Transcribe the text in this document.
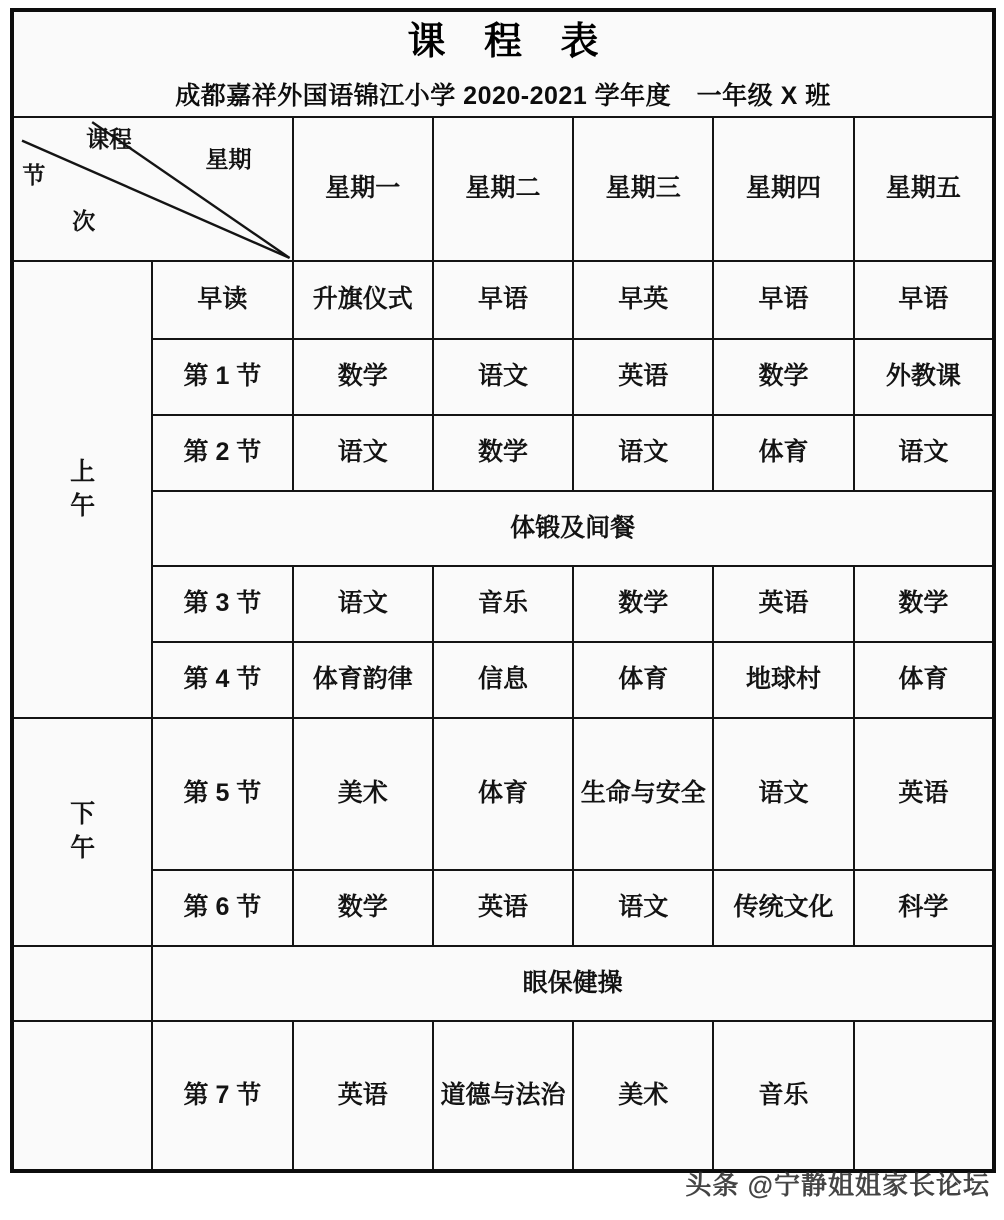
课 程 表
成都嘉祥外国语锦江小学 2020-2021 学年度　一年级 X 班						

课程
星期
节
次		星期一	星期二	星期三	星期四	星期五

上
午	早读	升旗仪式	早语	早英	早语	早语
	第 1 节	数学	语文	英语	数学	外教课
	第 2 节	语文	数学	语文	体育	语文
	体锻及间餐					
	第 3 节	语文	音乐	数学	英语	数学
	第 4 节	体育韵律	信息	体育	地球村	体育

下
午	第 5 节	美术	体育	生命与安全	语文	英语
	第 6 节	数学	英语	语文	传统文化	科学
	眼保健操					
	第 7 节	英语	道德与法治	美术	音乐	
头条 @宁静姐姐家长论坛
